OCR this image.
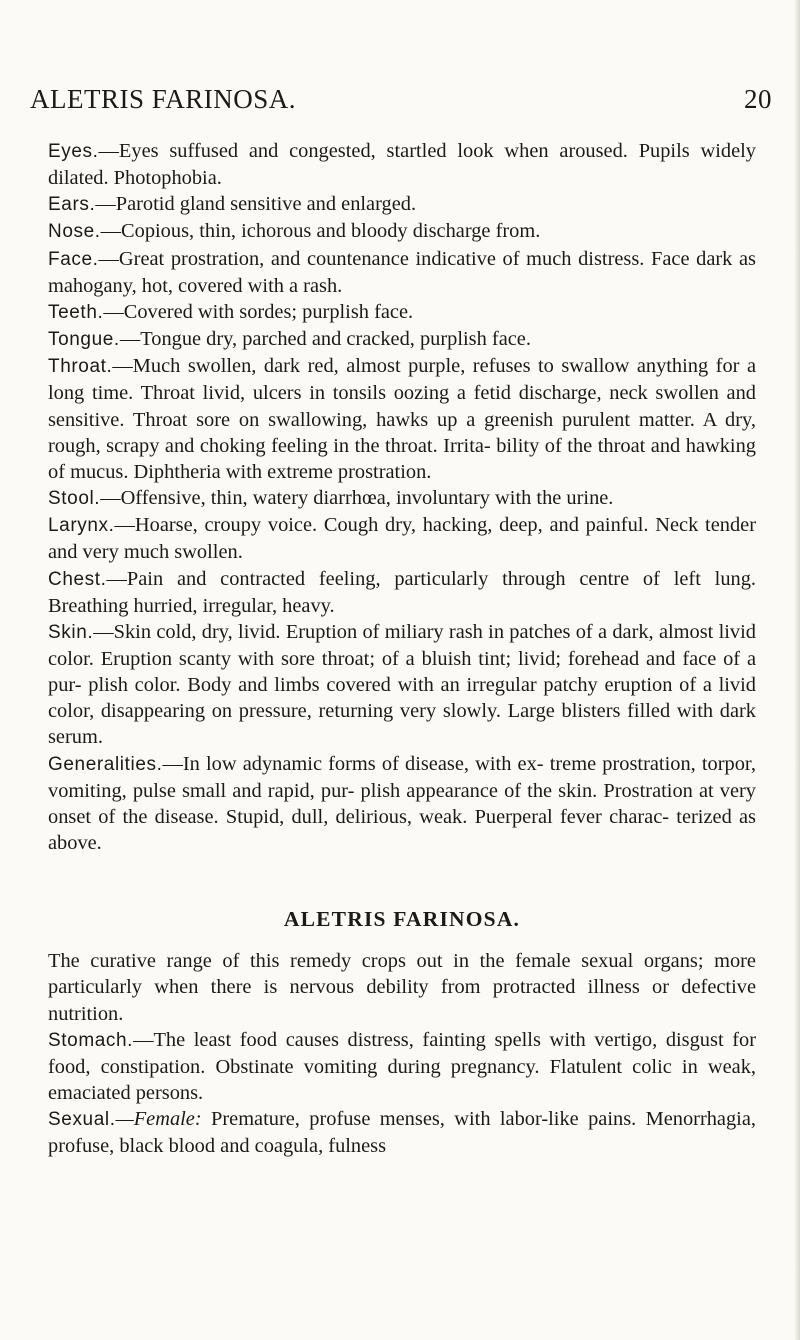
ALETRIS FARINOSA.	20

Eyes.—Eyes suffused and congested, startled look when aroused. Pupils widely dilated. Photophobia.

Ears.—Parotid gland sensitive and enlarged.

Nose.—Copious, thin, ichorous and bloody discharge from.

Face.—Great prostration, and countenance indicative of much distress. Face dark as mahogany, hot, covered with a rash.

Teeth.—Covered with sordes; purplish face.

Tongue.—Tongue dry, parched and cracked, purplish face.

Throat.—Much swollen, dark red, almost purple, refuses to swallow anything for a long time. Throat livid, ulcers in tonsils oozing a fetid discharge, neck swollen and sensitive. Throat sore on swallowing, hawks up a greenish purulent matter. A dry, rough, scrapy and choking feeling in the throat. Irrita- bility of the throat and hawking of mucus. Diphtheria with extreme prostration.

Stool.—Offensive, thin, watery diarrhœa, involuntary with the urine.

Larynx.—Hoarse, croupy voice. Cough dry, hacking, deep, and painful. Neck tender and very much swollen.

Chest.—Pain and contracted feeling, particularly through centre of left lung. Breathing hurried, irregular, heavy.

Skin.—Skin cold, dry, livid. Eruption of miliary rash in patches of a dark, almost livid color. Eruption scanty with sore throat; of a bluish tint; livid; forehead and face of a pur- plish color. Body and limbs covered with an irregular patchy eruption of a livid color, disappearing on pressure, returning very slowly. Large blisters filled with dark serum.

Generalities.—In low adynamic forms of disease, with ex- treme prostration, torpor, vomiting, pulse small and rapid, pur- plish appearance of the skin. Prostration at very onset of the disease. Stupid, dull, delirious, weak. Puerperal fever charac- terized as above.

ALETRIS FARINOSA.

The curative range of this remedy crops out in the female sexual organs; more particularly when there is nervous debility from protracted illness or defective nutrition.

Stomach.—The least food causes distress, fainting spells with vertigo, disgust for food, constipation. Obstinate vomiting during pregnancy. Flatulent colic in weak, emaciated persons.

Sexual.—Female: Premature, profuse menses, with labor-like pains. Menorrhagia, profuse, black blood and coagula, fulness
